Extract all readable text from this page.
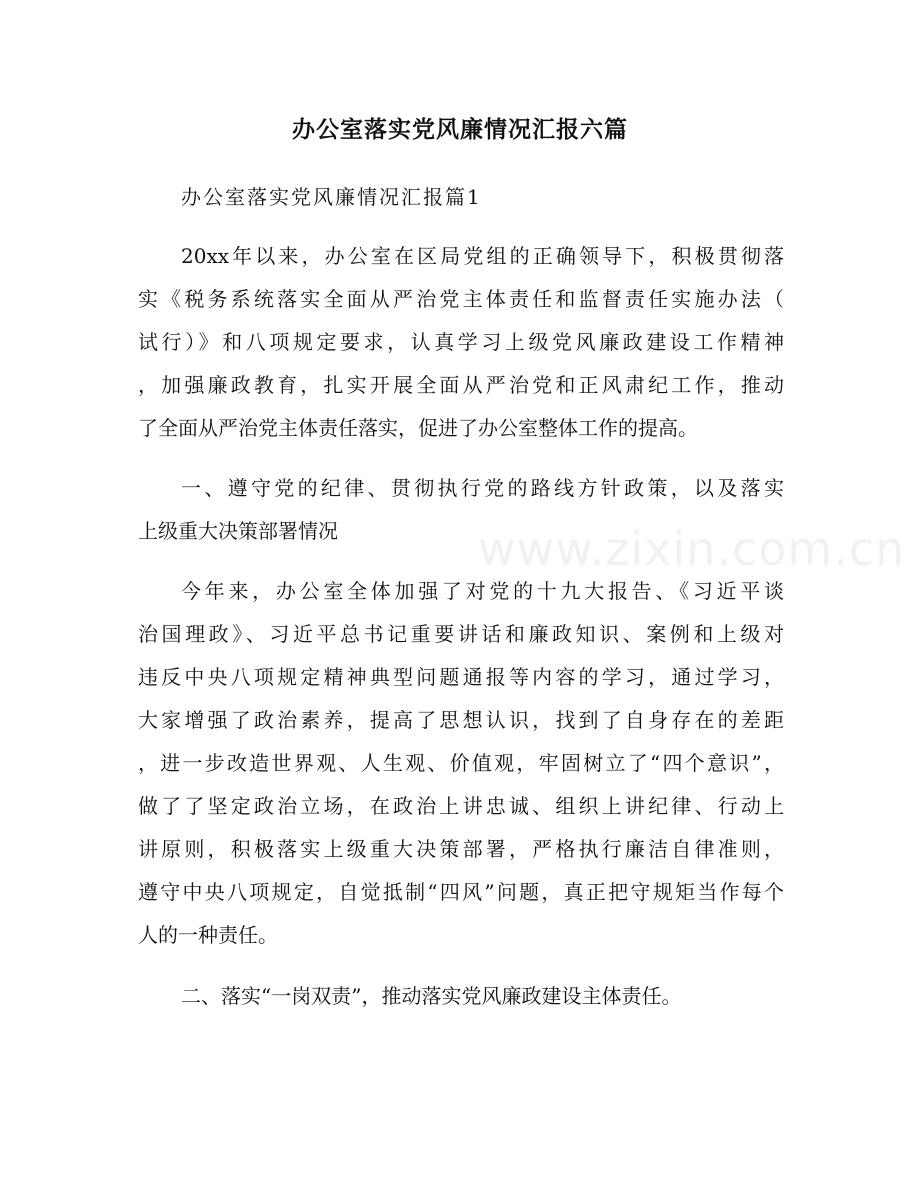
www.zixin.com.cn
办公室落实党风廉情况汇报六篇
办公室落实党风廉情况汇报篇1
20xx年以来，办公室在区局党组的正确领导下，积极贯彻落
实《税务系统落实全面从严治党主体责任和监督责任实施办法（
试行）》和八项规定要求，认真学习上级党风廉政建设工作精神
，加强廉政教育，扎实开展全面从严治党和正风肃纪工作，推动
了全面从严治党主体责任落实，促进了办公室整体工作的提高。
一、遵守党的纪律、贯彻执行党的路线方针政策，以及落实
上级重大决策部署情况
今年来，办公室全体加强了对党的十九大报告、《习近平谈
治国理政》、习近平总书记重要讲话和廉政知识、案例和上级对
违反中央八项规定精神典型问题通报等内容的学习，通过学习，
大家增强了政治素养，提高了思想认识，找到了自身存在的差距
，进一步改造世界观、人生观、价值观，牢固树立了“四个意识”，
做了了坚定政治立场，在政治上讲忠诚、组织上讲纪律、行动上
讲原则，积极落实上级重大决策部署，严格执行廉洁自律准则，
遵守中央八项规定，自觉抵制“四风”问题，真正把守规矩当作每个
人的一种责任。
二、落实“一岗双责”，推动落实党风廉政建设主体责任。
